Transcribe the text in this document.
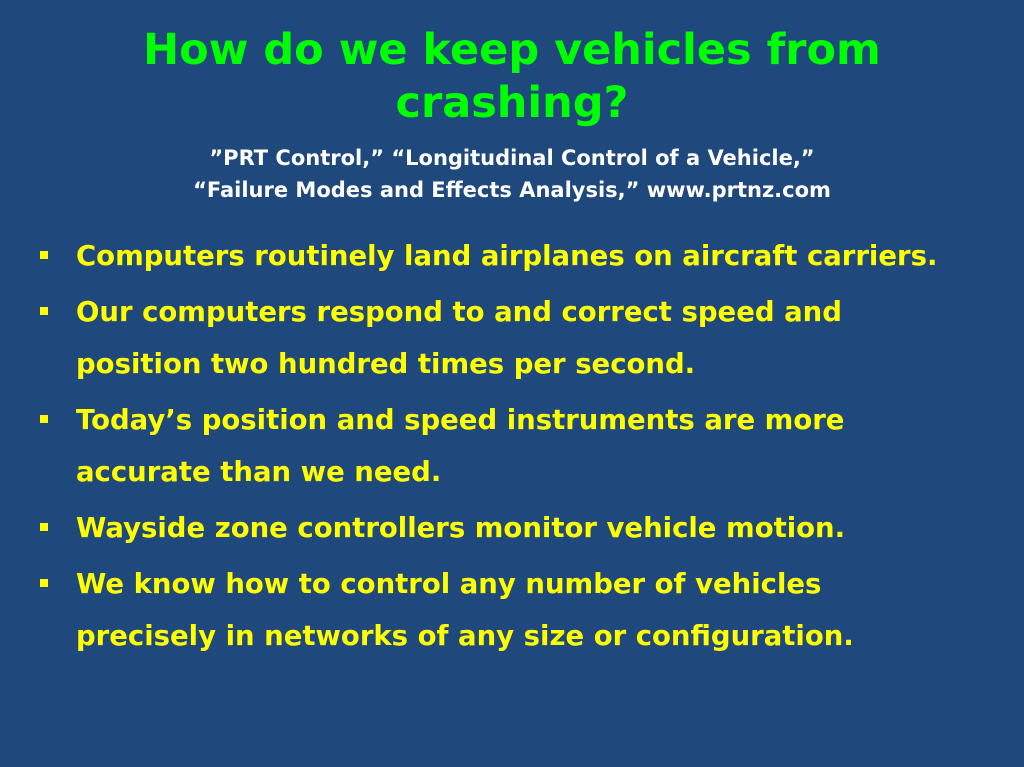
How do we keep vehicles from
crashing?
”PRT Control,” “Longitudinal Control of a Vehicle,”
“Failure Modes and Effects Analysis,” www.prtnz.com
Computers routinely land airplanes on aircraft carriers.
Our computers respond to and correct speed and
position two hundred times per second.
Today’s position and speed instruments are more
accurate than we need.
Wayside zone controllers monitor vehicle motion.
We know how to control any number of vehicles
precisely in networks of any size or configuration.
